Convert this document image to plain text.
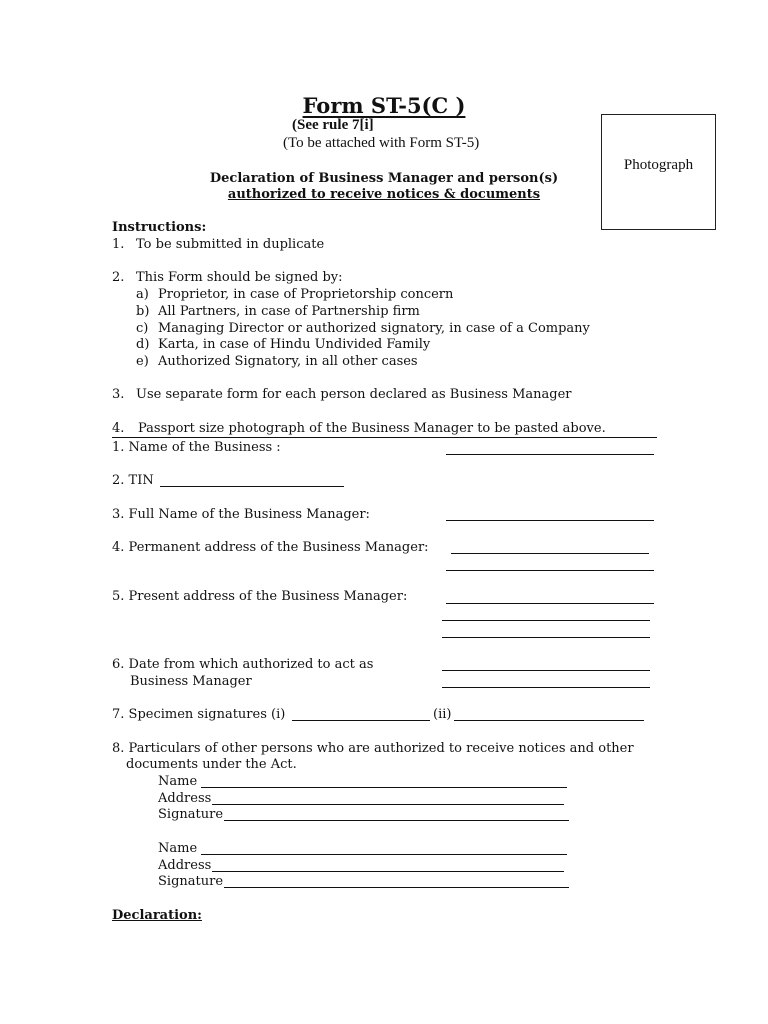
Form ST-5(C )
(See rule 7[i]
(To be attached with Form ST-5)
Declaration of Business Manager and person(s)
authorized to receive notices & documents
Photograph
Instructions:
1. To be submitted in duplicate
2. This Form should be signed by:
a) Proprietor, in case of Proprietorship concern
b) All Partners, in case of Partnership firm
c) Managing Director or authorized signatory, in case of a Company
d) Karta, in case of Hindu Undivided Family
e) Authorized Signatory, in all other cases
3. Use separate form for each person declared as Business Manager
4. Passport size photograph of the Business Manager to be pasted above.
1. Name of the Business :
2. TIN
3. Full Name of the Business Manager:
4. Permanent address of the Business Manager:
5. Present address of the Business Manager:
6. Date from which authorized to act as
Business Manager
7. Specimen signatures (i)	(ii)
8. Particulars of other persons who are authorized to receive notices and other
documents under the Act.
Name
Address
Signature
Name
Address
Signature
Declaration:
